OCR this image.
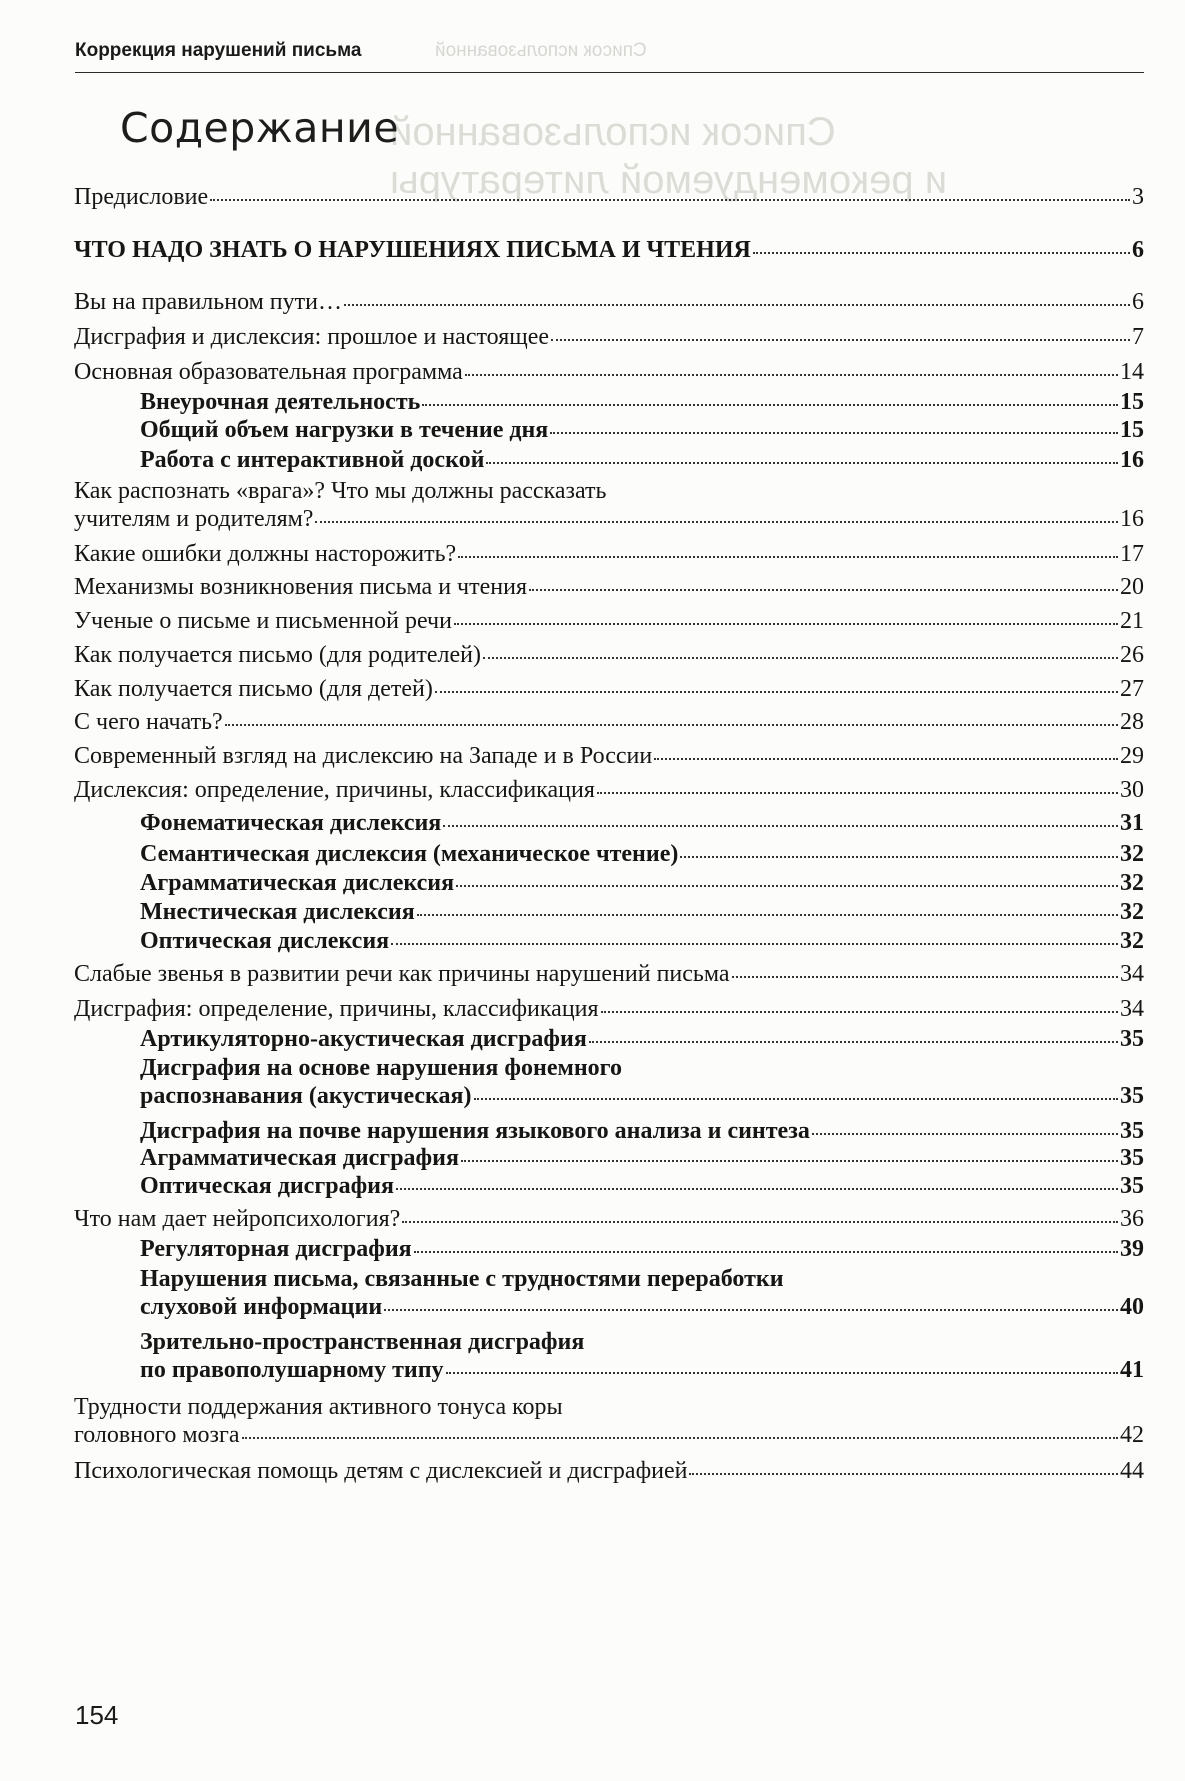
Список использованной
Коррекция нарушений письма
Список использованной
и рекомендуемой литературы
Содержание
Предисловие	3
ЧТО НАДО ЗНАТЬ О НАРУШЕНИЯХ ПИСЬМА И ЧТЕНИЯ	6
Вы на правильном пути…	6
Дисграфия и дислексия: прошлое и настоящее	7
Основная образовательная программа	14
Внеурочная деятельность	15
Общий объем нагрузки в течение дня	15
Работа с интерактивной доской	16
Как распознать «врага»? Что мы должны рассказать
учителям и родителям?	16
Какие ошибки должны насторожить?	17
Механизмы возникновения письма и чтения	20
Ученые о письме и письменной речи	21
Как получается письмо (для родителей)	26
Как получается письмо (для детей)	27
С чего начать?	28
Современный взгляд на дислексию на Западе и в России	29
Дислексия: определение, причины, классификация	30
Фонематическая дислексия	31
Семантическая дислексия (механическое чтение)	32
Аграмматическая дислексия	32
Мнестическая дислексия	32
Оптическая дислексия	32
Слабые звенья в развитии речи как причины нарушений письма	34
Дисграфия: определение, причины, классификация	34
Артикуляторно-акустическая дисграфия	35
Дисграфия на основе нарушения фонемного
распознавания (акустическая)	35
Дисграфия на почве нарушения языкового анализа и синтеза	35
Аграмматическая дисграфия	35
Оптическая дисграфия	35
Что нам дает нейропсихология?	36
Регуляторная дисграфия	39
Нарушения письма, связанные с трудностями переработки
слуховой информации	40
Зрительно-пространственная дисграфия
по правополушарному типу	41
Трудности поддержания активного тонуса коры
головного мозга	42
Психологическая помощь детям с дислексией и дисграфией	44
154
